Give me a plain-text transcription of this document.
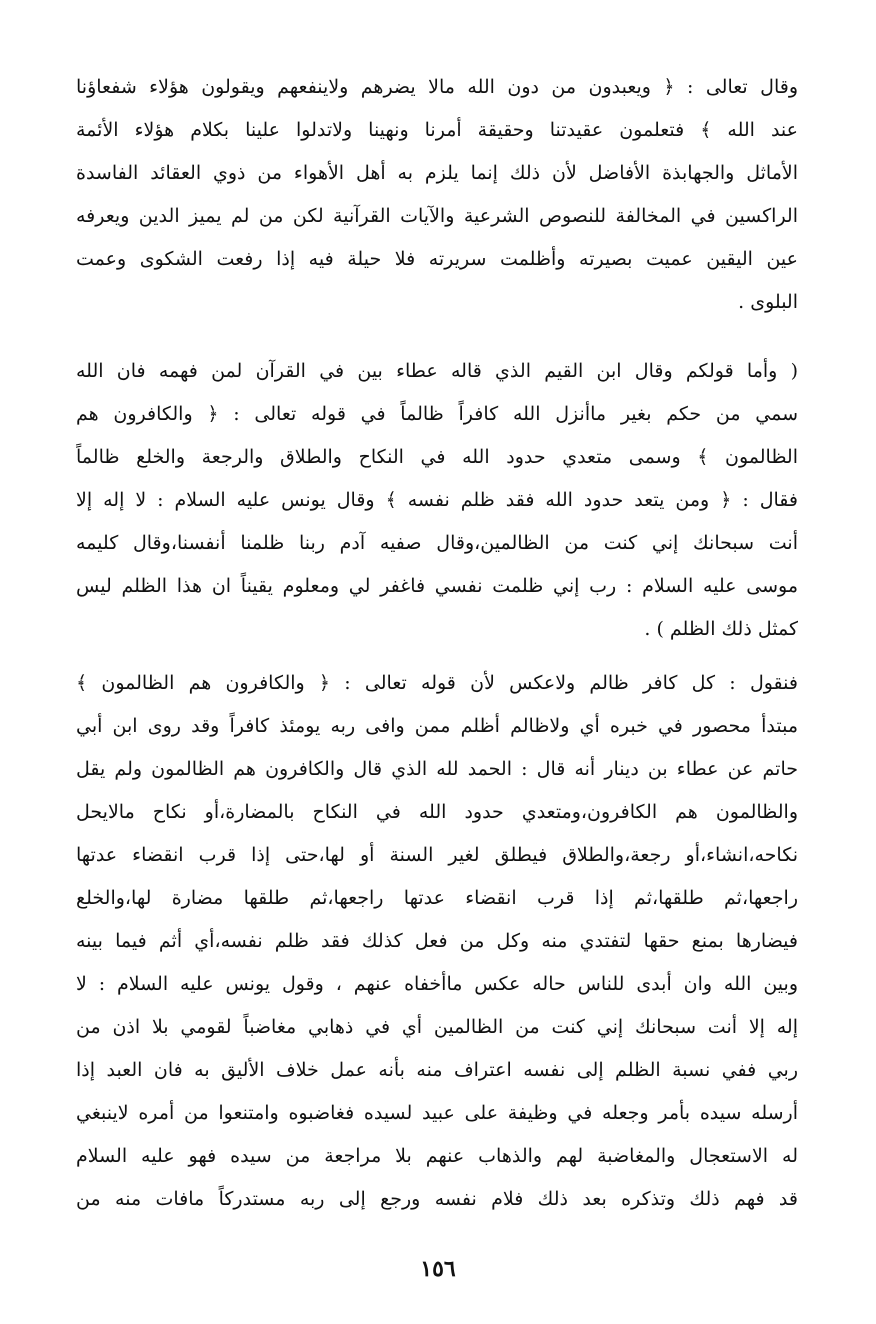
وقال تعالى : ﴿ ويعبدون من دون الله مالا يضرهم ولاينفعهم ويقولون هؤلاء شفعاؤنا
عند الله ﴾ فتعلمون عقيدتنا وحقيقة أمرنا ونهينا ولاتدلوا علينا بكلام هؤلاء الأئمة
الأماثل والجهابذة الأفاضل لأن ذلك إنما يلزم به أهل الأهواء من ذوي العقائد الفاسدة
الراكسين في المخالفة للنصوص الشرعية والآيات القرآنية لكن من لم يميز الدين ويعرفه
عين اليقين عميت بصيرته وأظلمت سريرته فلا حيلة فيه إذا رفعت الشكوى وعمت
البلوى .
( وأما قولكم وقال ابن القيم الذي قاله عطاء بين في القرآن لمن فهمه فان الله
سمي من حكم بغير ماأنزل الله كافراً ظالماً في قوله تعالى : ﴿ والكافرون هم
الظالمون ﴾ وسمى متعدي حدود الله في النكاح والطلاق والرجعة والخلع ظالماً
فقال : ﴿ ومن يتعد حدود الله فقد ظلم نفسه ﴾ وقال يونس عليه السلام : لا إله إلا
أنت سبحانك إني كنت من الظالمين،وقال صفيه آدم ربنا ظلمنا أنفسنا،وقال كليمه
موسى عليه السلام : رب إني ظلمت نفسي فاغفر لي ومعلوم يقيناً ان هذا الظلم ليس
كمثل ذلك الظلم ) .
فنقول : كل كافر ظالم ولاعكس لأن قوله تعالى : ﴿ والكافرون هم الظالمون ﴾
مبتدأ محصور في خبره أي ولاظالم أظلم ممن وافى ربه يومئذ كافراً وقد روى ابن أبي
حاتم عن عطاء بن دينار أنه قال : الحمد لله الذي قال والكافرون هم الظالمون ولم يقل
والظالمون هم الكافرون،ومتعدي حدود الله في النكاح بالمضارة،أو نكاح مالايحل
نكاحه،انشاء،أو رجعة،والطلاق فيطلق لغير السنة أو لها،حتى إذا قرب انقضاء عدتها
راجعها،ثم طلقها،ثم إذا قرب انقضاء عدتها راجعها،ثم طلقها مضارة لها،والخلع
فيضارها بمنع حقها لتفتدي منه وكل من فعل كذلك فقد ظلم نفسه،أي أثم فيما بينه
وبين الله وان أبدى للناس حاله عكس ماأخفاه عنهم ، وقول يونس عليه السلام : لا
إله إلا أنت سبحانك إني كنت من الظالمين أي في ذهابي مغاضباً لقومي بلا اذن من
ربي ففي نسبة الظلم إلى نفسه اعتراف منه بأنه عمل خلاف الأليق به فان العبد إذا
أرسله سيده بأمر وجعله في وظيفة على عبيد لسيده فغاضبوه وامتنعوا من أمره لاينبغي
له الاستعجال والمغاضبة لهم والذهاب عنهم بلا مراجعة من سيده فهو عليه السلام
قد فهم ذلك وتذكره بعد ذلك فلام نفسه ورجع إلى ربه مستدركاً مافات منه من
١٥٦
